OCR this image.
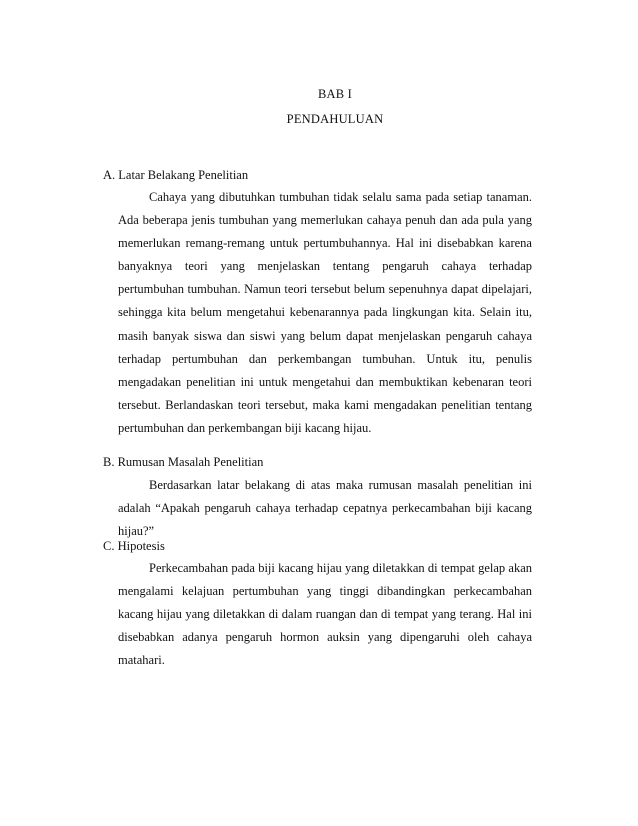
BAB I
PENDAHULUAN
A. Latar Belakang Penelitian

Cahaya yang dibutuhkan tumbuhan tidak selalu sama pada setiap tanaman. Ada beberapa jenis tumbuhan yang memerlukan cahaya penuh dan ada pula yang memerlukan remang-remang untuk pertumbuhannya. Hal ini disebabkan karena banyaknya teori yang menjelaskan tentang pengaruh cahaya terhadap pertumbuhan tumbuhan. Namun teori tersebut belum sepenuhnya dapat dipelajari, sehingga kita belum mengetahui kebenarannya pada lingkungan kita. Selain itu, masih banyak siswa dan siswi yang belum dapat menjelaskan pengaruh cahaya terhadap pertumbuhan dan perkembangan tumbuhan. Untuk itu, penulis mengadakan penelitian ini untuk mengetahui dan membuktikan kebenaran teori tersebut. Berlandaskan teori tersebut, maka kami mengadakan penelitian tentang pertumbuhan dan perkembangan biji kacang hijau.

B. Rumusan Masalah Penelitian

Berdasarkan latar belakang di atas maka rumusan masalah penelitian ini adalah “Apakah pengaruh cahaya terhadap cepatnya perkecambahan biji kacang hijau?”

C. Hipotesis

Perkecambahan pada biji kacang hijau yang diletakkan di tempat gelap akan mengalami kelajuan pertumbuhan yang tinggi dibandingkan perkecambahan kacang hijau yang diletakkan di dalam ruangan dan di tempat yang terang. Hal ini disebabkan adanya pengaruh hormon auksin yang dipengaruhi oleh cahaya matahari.
